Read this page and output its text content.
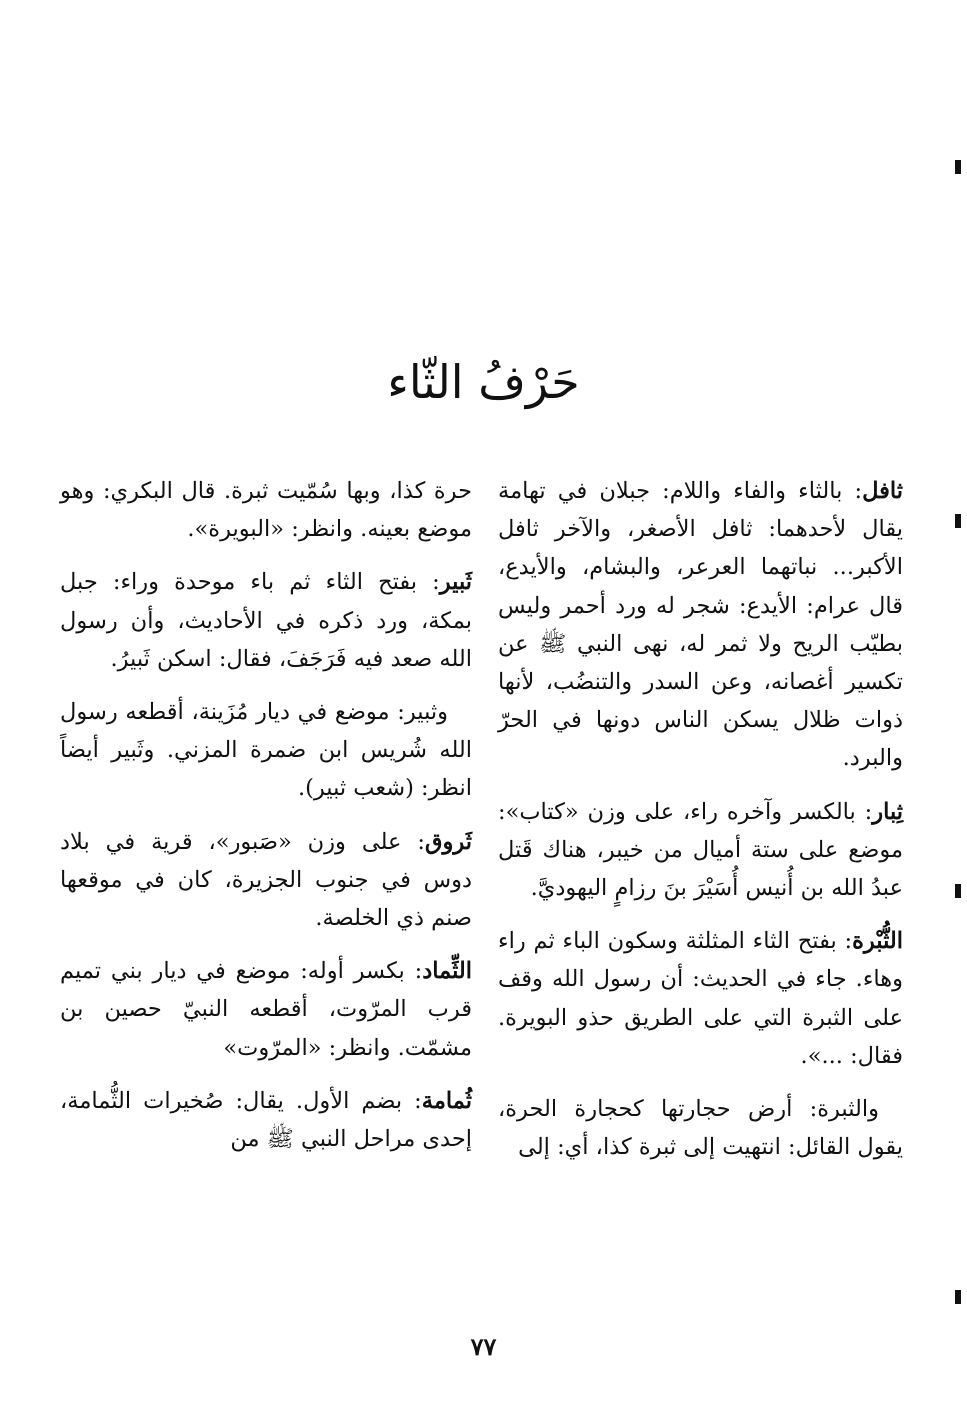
حَرْفُ الثّاء

ثافل: بالثاء والفاء واللام: جبلان في تهامة يقال لأحدهما: ثافل الأصغر، والآخر ثافل الأكبر... نباتهما العرعر، والبشام، والأيدع، قال عرام: الأيدع: شجر له ورد أحمر وليس بطيّب الريح ولا ثمر له، نهى النبي ﷺ عن تكسير أغصانه، وعن السدر والتنضُب، لأنها ذوات ظلال يسكن الناس دونها في الحرّ والبرد.

ثِبار: بالكسر وآخره راء، على وزن «كتاب»: موضع على ستة أميال من خيبر، هناك قَتل عبدُ الله بن أُنيس أُسَيْرَ بنَ رزامٍ اليهوديَّ.

الثُّبْرة: بفتح الثاء المثلثة وسكون الباء ثم راء وهاء. جاء في الحديث: أن رسول الله وقف على الثبرة التي على الطريق حذو البويرة. فقال: ...».

والثبرة: أرض حجارتها كحجارة الحرة، يقول القائل: انتهيت إلى ثبرة كذا، أي: إلى

حرة كذا، وبها سُمّيت ثبرة. قال البكري: وهو موضع بعينه. وانظر: «البويرة».

ثَبير: بفتح الثاء ثم باء موحدة وراء: جبل بمكة، ورد ذكره في الأحاديث، وأن رسول الله صعد فيه فَرَجَفَ، فقال: اسكن ثَبيرُ.

وثبير: موضع في ديار مُزَينة، أقطعه رسول الله شُريس ابن ضمرة المزني. وثَبير أيضاً انظر: (شعب ثبير).

ثَروق: على وزن «صَبور»، قرية في بلاد دوس في جنوب الجزيرة، كان في موقعها صنم ذي الخلصة.

الثِّماد: بكسر أوله: موضع في ديار بني تميم قرب المرّوت، أقطعه النبيّ حصين بن مشمّت. وانظر: «المرّوت»

ثُمامة: بضم الأول. يقال: صُخيرات الثُّمامة، إحدى مراحل النبي ﷺ من

٧٧
